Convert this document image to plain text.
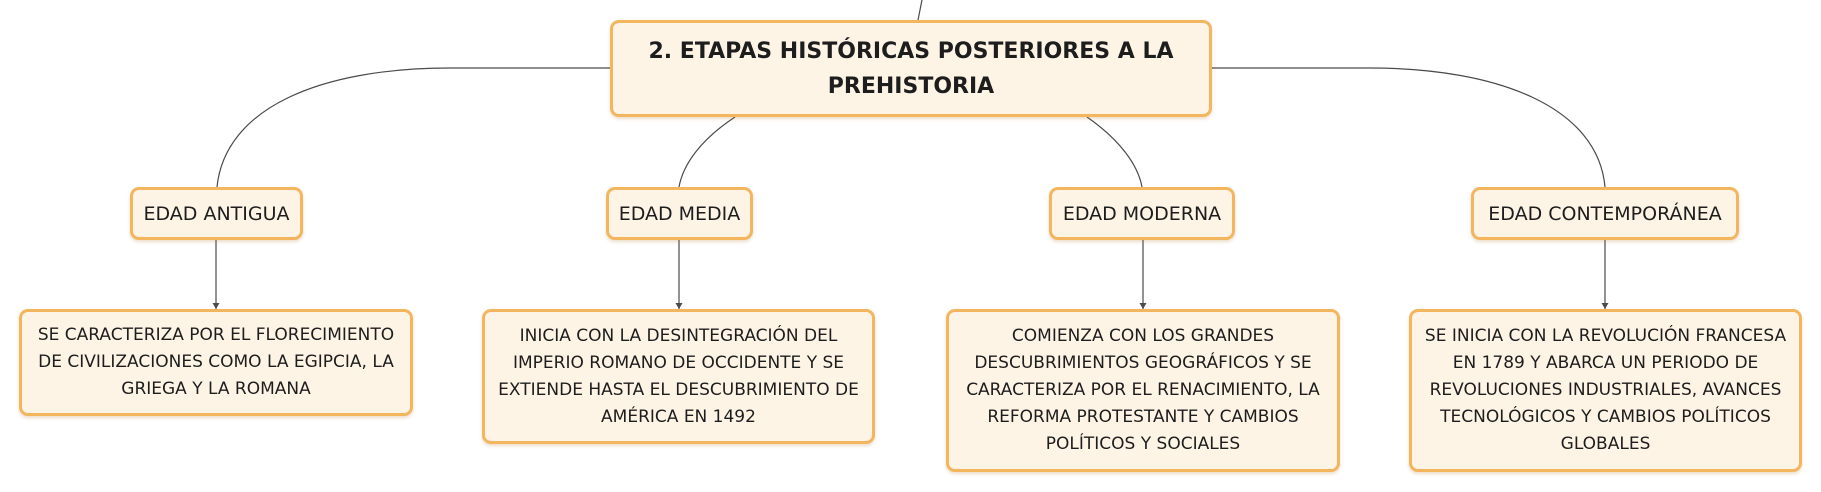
2. ETAPAS HISTÓRICAS POSTERIORES A LA PREHISTORIA
EDAD ANTIGUA	EDAD MEDIA	EDAD MODERNA	EDAD CONTEMPORÁNEA
SE CARACTERIZA POR EL FLORECIMIENTO DE CIVILIZACIONES COMO LA EGIPCIA, LA GRIEGA Y LA ROMANA
INICIA CON LA DESINTEGRACIÓN DEL IMPERIO ROMANO DE OCCIDENTE Y SE EXTIENDE HASTA EL DESCUBRIMIENTO DE AMÉRICA EN 1492
COMIENZA CON LOS GRANDES DESCUBRIMIENTOS GEOGRÁFICOS Y SE CARACTERIZA POR EL RENACIMIENTO, LA REFORMA PROTESTANTE Y CAMBIOS POLÍTICOS Y SOCIALES
SE INICIA CON LA REVOLUCIÓN FRANCESA EN 1789 Y ABARCA UN PERIODO DE REVOLUCIONES INDUSTRIALES, AVANCES TECNOLÓGICOS Y CAMBIOS POLÍTICOS GLOBALES
